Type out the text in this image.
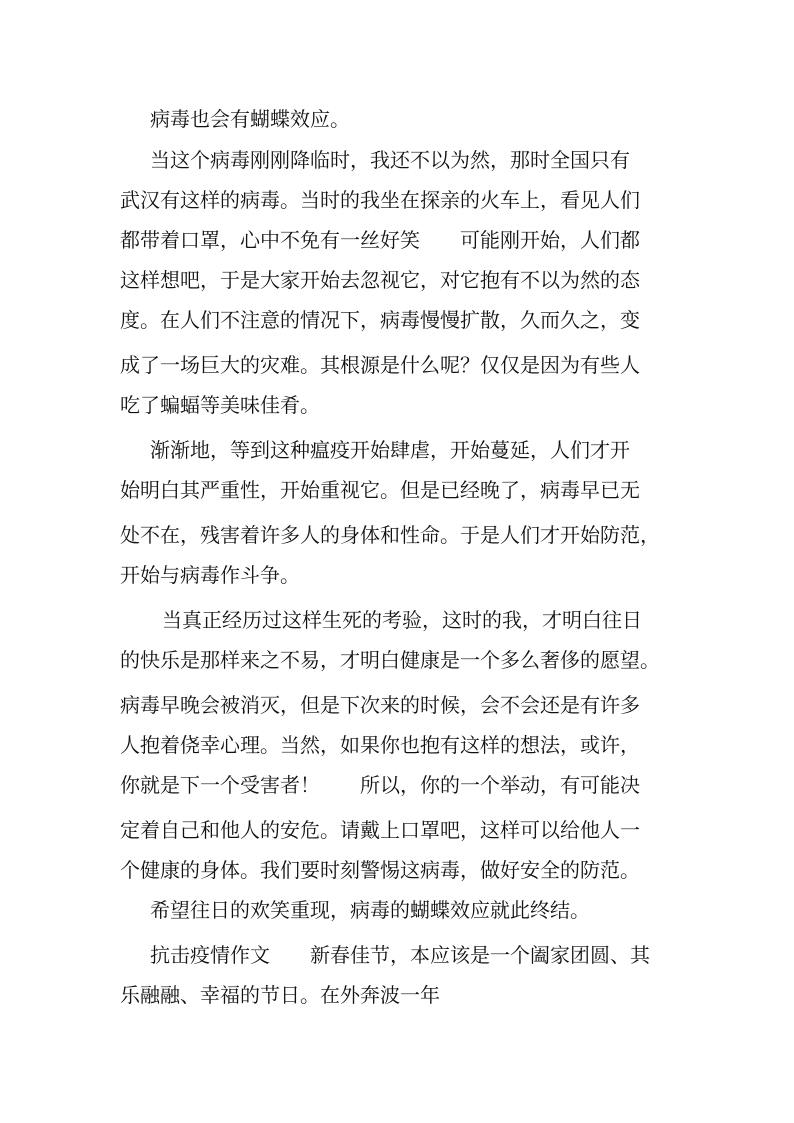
病毒也会有蝴蝶效应。
当这个病毒刚刚降临时，我还不以为然，那时全国只有
武汉有这样的病毒。当时的我坐在探亲的火车上，看见人们
都带着口罩，心中不免有一丝好笑　　可能刚开始，人们都
这样想吧，于是大家开始去忽视它，对它抱有不以为然的态
度。在人们不注意的情况下，病毒慢慢扩散，久而久之，变
成了一场巨大的灾难。其根源是什么呢？仅仅是因为有些人
吃了蝙蝠等美味佳肴。
渐渐地，等到这种瘟疫开始肆虐，开始蔓延，人们才开
始明白其严重性，开始重视它。但是已经晚了，病毒早已无
处不在，残害着许多人的身体和性命。于是人们才开始防范，
开始与病毒作斗争。
当真正经历过这样生死的考验，这时的我，才明白往日
的快乐是那样来之不易，才明白健康是一个多么奢侈的愿望。
病毒早晚会被消灭，但是下次来的时候，会不会还是有许多
人抱着侥幸心理。当然，如果你也抱有这样的想法，或许，
你就是下一个受害者！　　所以，你的一个举动，有可能决
定着自己和他人的安危。请戴上口罩吧，这样可以给他人一
个健康的身体。我们要时刻警惕这病毒，做好安全的防范。
希望往日的欢笑重现，病毒的蝴蝶效应就此终结。
抗击疫情作文　　新春佳节，本应该是一个阖家团圆、其
乐融融、幸福的节日。在外奔波一年
